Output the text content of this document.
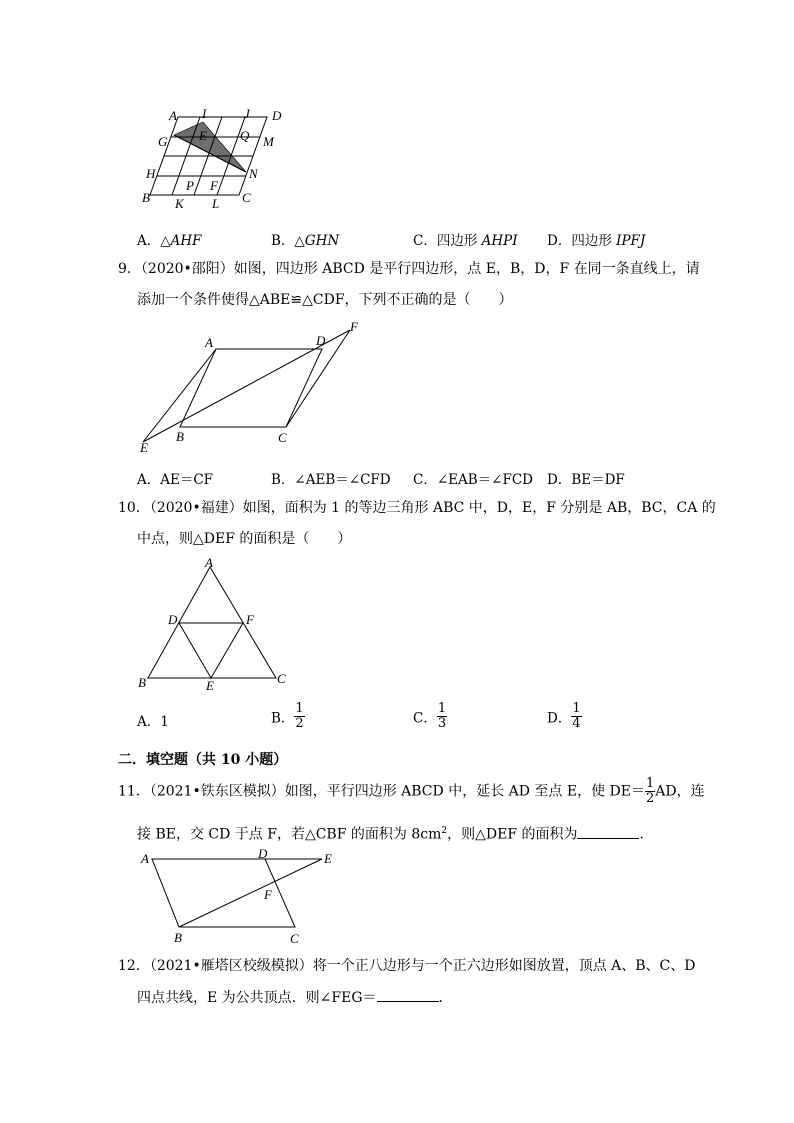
A I	J D
G E	Q M
H	N
P F
B K L C
A．△AHF	B．△GHN	C．四边形 AHPI D．四边形 IPFJ
9．（2020•邵阳）如图，四边形 ABCD 是平行四边形，点 E，B，D，F 在同一条直线上，请
添加一个条件使得△ABE≌△CDF，下列不正确的是（　　）
A	D
F
E
B	C
A．AE＝CF	B．∠AEB＝∠CFD C．∠EAB＝∠FCD D．BE＝DF
10．（2020•福建）如图，面积为 1 的等边三角形 ABC 中，D，E，F 分别是 AB，BC，CA 的
中点，则△DEF 的面积是（　　）
A
D	F
B	E	C
A．1	B． $\frac{1}{2}$	C． $\frac{1}{3}$	D． $\frac{1}{4}$
二．填空题（共 10 小题）
11．（2021•铁东区模拟）如图，平行四边形 ABCD 中，延长 AD 至点 E，使 $DE= \frac{1}{2}$ AD，连
接 BE，交 CD 于点 F，若△CBF 的面积为 $8cm^2$，则△DEF 的面积为	．
A	D	E
F
B	C
12．（2021•雁塔区校级模拟）将一个正八边形与一个正六边形如图放置，顶点 A、B、C、D
四点共线，E 为公共顶点．则∠FEG＝	．
